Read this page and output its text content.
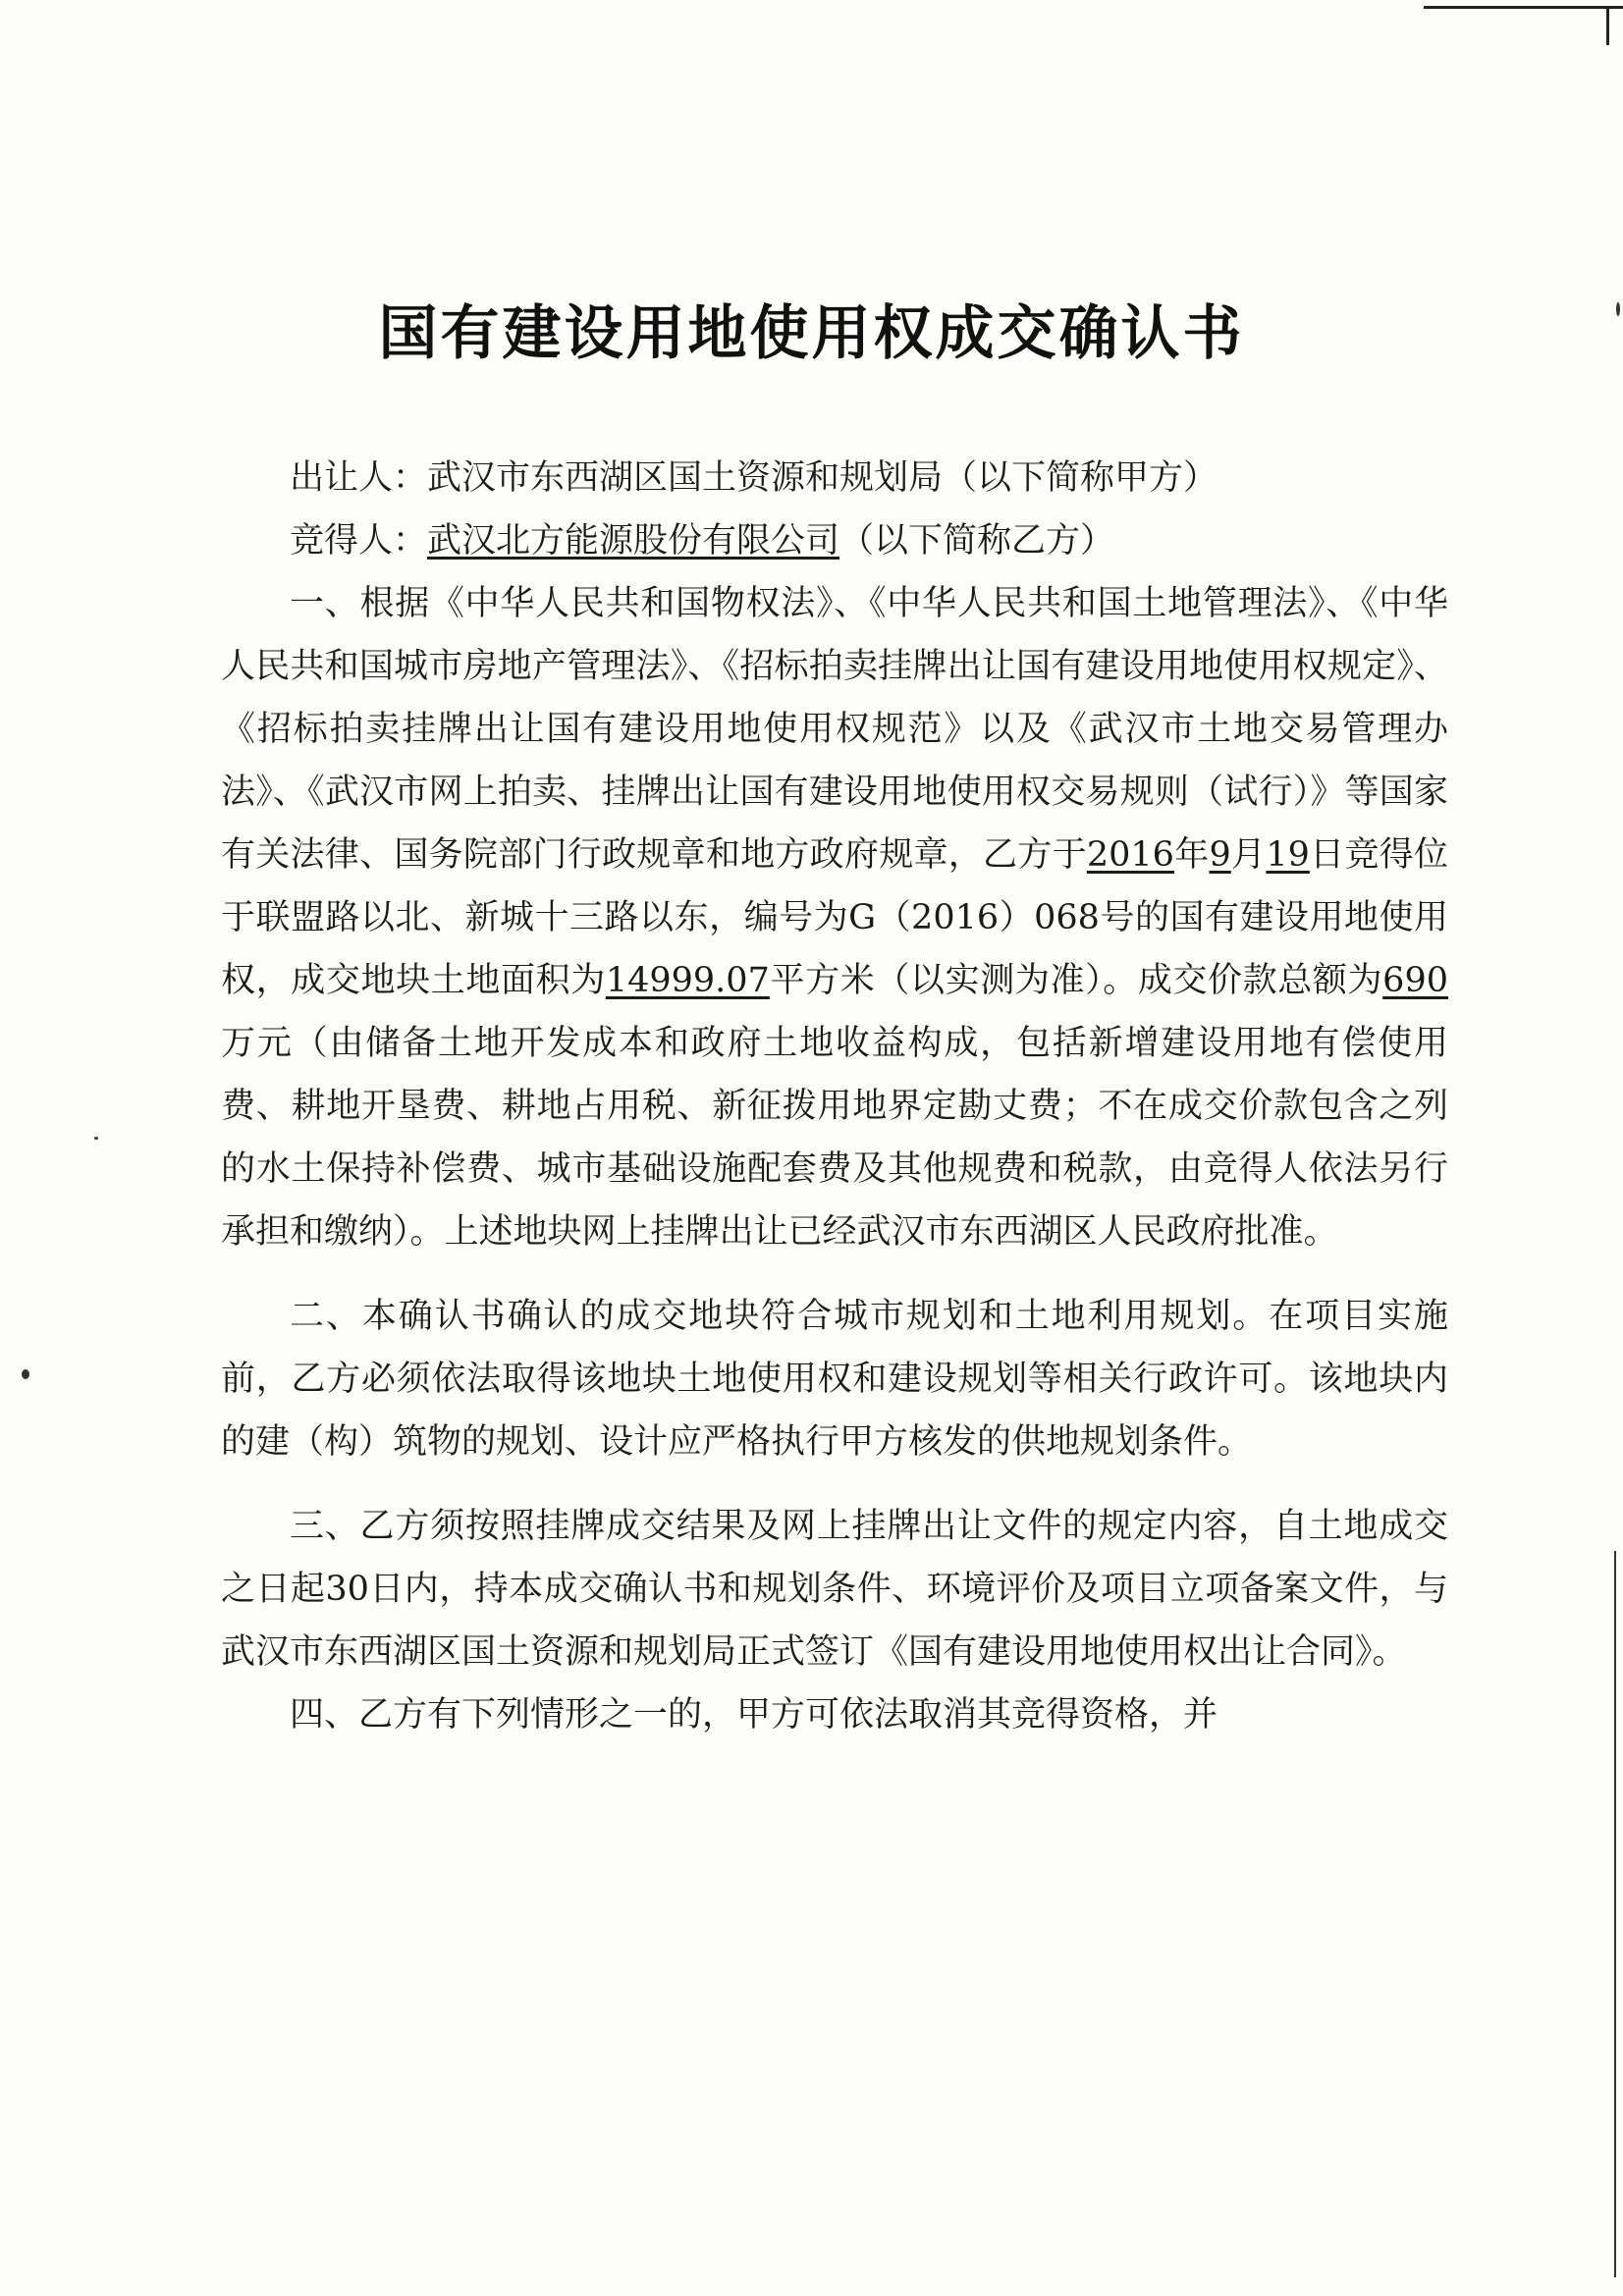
国有建设用地使用权成交确认书

出让人：武汉市东西湖区国土资源和规划局（以下简称甲方）

竞得人：武汉北方能源股份有限公司（以下简称乙方）

一、根据《中华人民共和国物权法》、《中华人民共和国土地管理法》、《中华人民共和国城市房地产管理法》、《招标拍卖挂牌出让国有建设用地使用权规定》、《招标拍卖挂牌出让国有建设用地使用权规范》以及《武汉市土地交易管理办法》、《武汉市网上拍卖、挂牌出让国有建设用地使用权交易规则（试行）》等国家有关法律、国务院部门行政规章和地方政府规章，乙方于2016年9月19日竞得位于联盟路以北、新城十三路以东，编号为G（2016）068号的国有建设用地使用权，成交地块土地面积为14999.07平方米（以实测为准）。成交价款总额为690万元（由储备土地开发成本和政府土地收益构成，包括新增建设用地有偿使用费、耕地开垦费、耕地占用税、新征拨用地界定勘丈费；不在成交价款包含之列的水土保持补偿费、城市基础设施配套费及其他规费和税款，由竞得人依法另行承担和缴纳）。上述地块网上挂牌出让已经武汉市东西湖区人民政府批准。

二、本确认书确认的成交地块符合城市规划和土地利用规划。在项目实施前，乙方必须依法取得该地块土地使用权和建设规划等相关行政许可。该地块内的建（构）筑物的规划、设计应严格执行甲方核发的供地规划条件。

三、乙方须按照挂牌成交结果及网上挂牌出让文件的规定内容，自土地成交之日起30日内，持本成交确认书和规划条件、环境评价及项目立项备案文件，与武汉市东西湖区国土资源和规划局正式签订《国有建设用地使用权出让合同》。

四、乙方有下列情形之一的，甲方可依法取消其竞得资格，并
